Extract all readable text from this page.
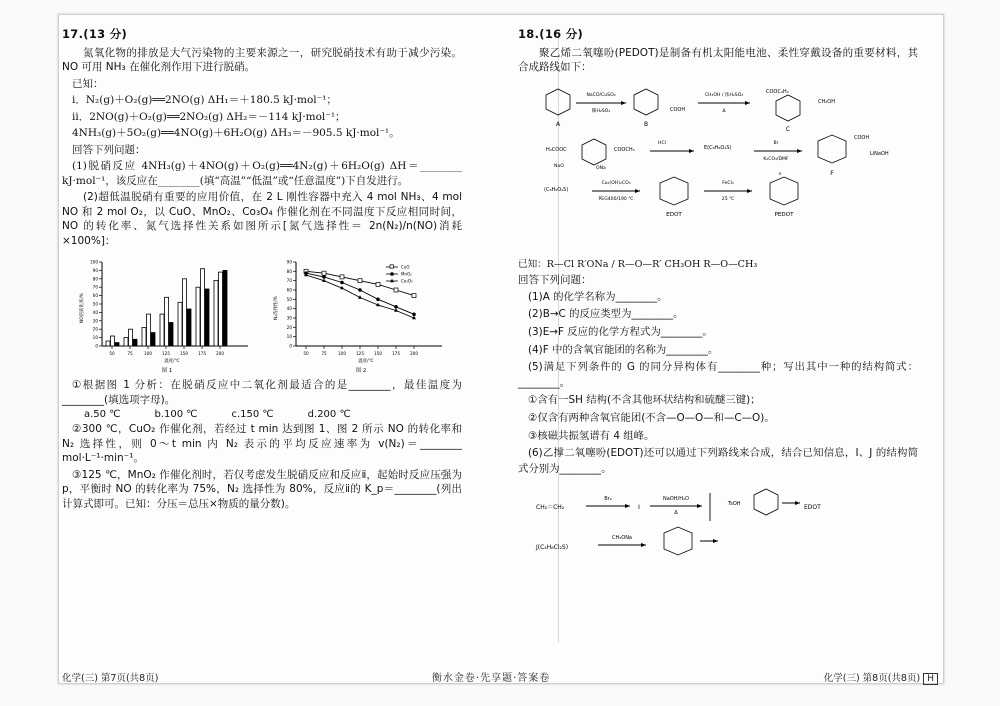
17.(13 分)

氮氧化物的排放是大气污染物的主要来源之一，研究脱硝技术有助于减少污染。NO 可用 NH₃ 在催化剂作用下进行脱硝。

已知：

ⅰ．N₂(g)＋O₂(g)══2NO(g) ΔH₁＝＋180.5 kJ·mol⁻¹；

ⅱ．2NO(g)＋O₂(g)══2NO₂(g) ΔH₂＝－114 kJ·mol⁻¹；

4NH₃(g)＋5O₂(g)══4NO(g)＋6H₂O(g) ΔH₃＝－905.5 kJ·mol⁻¹。

回答下列问题：

(1)脱硝反应 4NH₃(g)＋4NO(g)＋O₂(g)══4N₂(g)＋6H₂O(g) ΔH＝________ kJ·mol⁻¹，该反应在________(填“高温”“低温”或“任意温度”)下自发进行。

(2)超低温脱硝有重要的应用价值，在 2 L 刚性容器中充入 4 mol NH₃、4 mol NO 和 2 mol O₂，以 CuO、MnO₂、Co₃O₄ 作催化剂在不同温度下反应相同时间，NO 的转化率、氮气选择性关系如图所示[氮气选择性＝ 2n(N₂)/n(NO)消耗 ×100%]：

0
10
20
30
40
50
60
70
80
90
100
NO的转化率/%
50	75	100 125 150 175 200
温度/℃
图 1
0
10
20
30
40
50
60
70
80
90
N₂选择性/%
CuO
MnO₂
Co₃O₄
50	75	100 125 150 175 200
温度/℃
图 2

①根据图 1 分析：在脱硝反应中二氧化剂最适合的是________，最佳温度为________(填选项字母)。

a.50 ℃	b.100 ℃	c.150 ℃	d.200 ℃

②300 ℃，CuO₂ 作催化剂，若经过 t min 达到图 1、图 2 所示 NO 的转化率和 N₂ 选择性，则 0～t min 内 N₂ 表示的平均反应速率为 v(N₂)＝________ mol·L⁻¹·min⁻¹。

③125 ℃，MnO₂ 作催化剂时，若仅考虑发生脱硝反应和反应ⅱ，起始时反应压强为 p，平衡时 NO 的转化率为 75%，N₂ 选择性为 80%，反应ⅱ的 K_p＝________(列出计算式即可。已知：分压＝总压×物质的量分数)。

18.(16 分)

聚乙烯二氧噻吩(PEDOT)是制备有机太阳能电池、柔性穿戴设备的重要材料，其合成路线如下：

A
NaCO/CuSO₄
稀H₂SO₄
B
COOH
CH₃OH / 浓H₂SO₄
Δ
COOC₄H₉
CH₃OH
C
H₃COOC	COOCH₃
NaO	ONa
HCl
E(C₈H₈O₄S)
Br
K₂CO₃/DMF
COOH
LiNaOH
F
(C₈H₈O₄S)
Cu₂(OH)₂CO₃
PEG400/190 ℃
EDOT
FeCl₃
25 ℃
PEDOT
n

已知：R—Cl R′ONa / R—O—R′ CH₃OH R—O—CH₃

回答下列问题：

(1)A 的化学名称为________。

(2)B→C 的反应类型为________。

(3)E→F 反应的化学方程式为________。

(4)F 中的含氧官能团的名称为________。

(5)满足下列条件的 G 的同分异构体有________种；写出其中一种的结构简式：________。

①含有一SH 结构(不含其他环状结构和硫醚三键)；

②仅含有两种含氧官能团(不含—O—O—和—C—O)。

③核磁共振氢谱有 4 组峰。

(6)乙撑二氧噻吩(EDOT)还可以通过下列路线来合成，结合已知信息，I、J 的结构简式分别为________。

CH₂＝CH₂
Br₂
I
NaOH/H₂O
Δ
TsOH	EDOT
J(C₄H₈Cl₂S)
CH₃ONa
化学(三) 第7页(共8页)	衡水金卷·先享题·答案卷	化学(三) 第8页(共8页) H
